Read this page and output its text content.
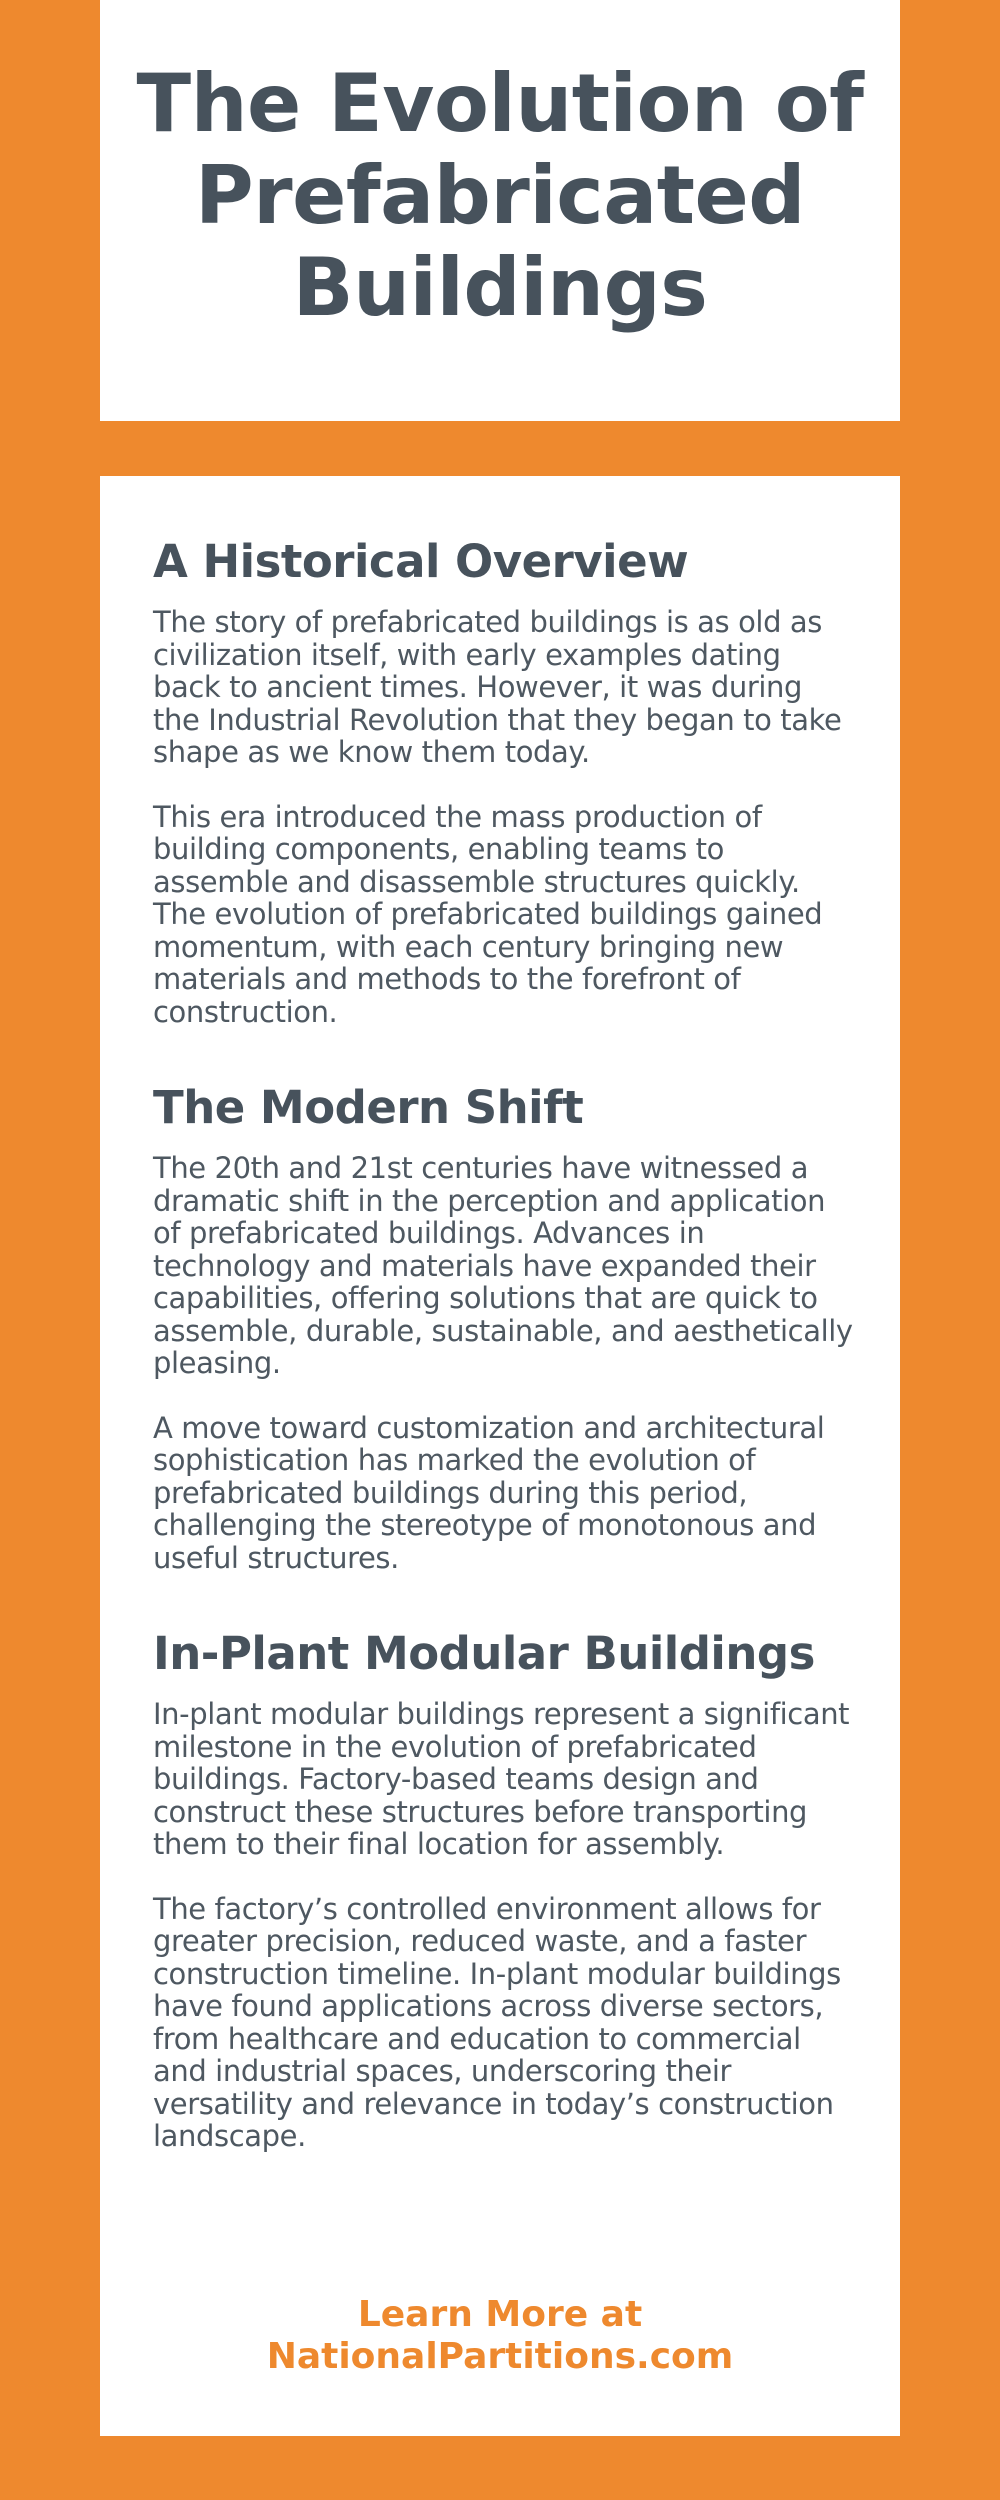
The Evolution of
Prefabricated
Buildings
A Historical Overview

The story of prefabricated buildings is as old as civilization itself, with early examples dating back to ancient times. However, it was during the Industrial Revolution that they began to take shape as we know them today.

This era introduced the mass production of building components, enabling teams to assemble and disassemble structures quickly. The evolution of prefabricated buildings gained momentum, with each century bringing new materials and methods to the forefront of construction.

The Modern Shift

The 20th and 21st centuries have witnessed a dramatic shift in the perception and application of prefabricated buildings. Advances in technology and materials have expanded their capabilities, offering solutions that are quick to assemble, durable, sustainable, and aesthetically pleasing.

A move toward customization and architectural sophistication has marked the evolution of prefabricated buildings during this period, challenging the stereotype of monotonous and useful structures.

In-Plant Modular Buildings

In-plant modular buildings represent a significant milestone in the evolution of prefabricated buildings. Factory-based teams design and construct these structures before transporting them to their final location for assembly.

The factory’s controlled environment allows for greater precision, reduced waste, and a faster construction timeline. In-plant modular buildings have found applications across diverse sectors, from healthcare and education to commercial and industrial spaces, underscoring their versatility and relevance in today’s construction landscape.

Learn More at
NationalPartitions.com
